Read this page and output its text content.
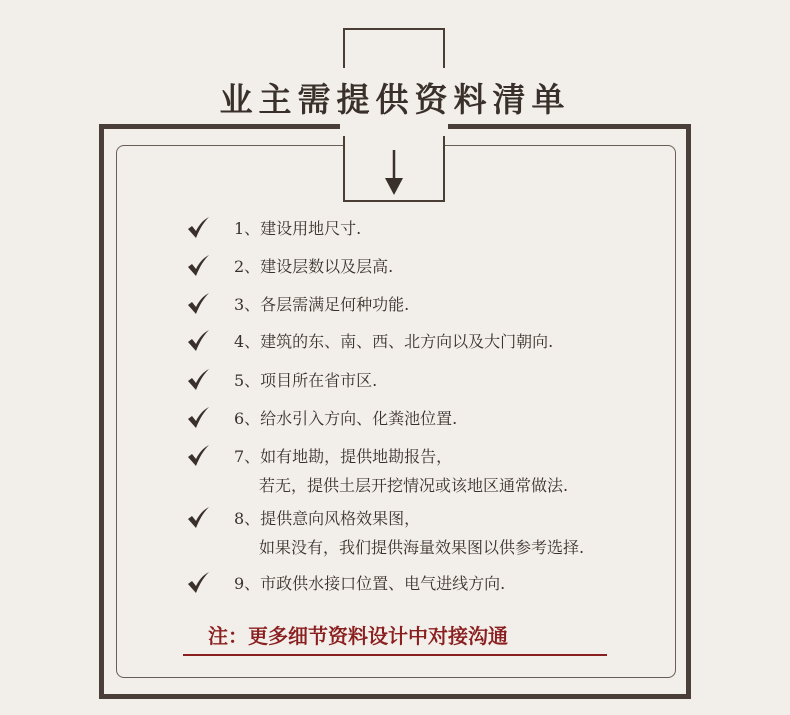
业主需提供资料清单
1、建设用地尺寸.
2、建设层数以及层高.
3、各层需满足何种功能.
4、建筑的东、南、西、北方向以及大门朝向.
5、项目所在省市区.
6、给水引入方向、化粪池位置.
7、如有地勘，提供地勘报告，
若无，提供土层开挖情况或该地区通常做法.
8、提供意向风格效果图，
如果没有，我们提供海量效果图以供参考选择.
9、市政供水接口位置、电气进线方向.
注：更多细节资料设计中对接沟通
